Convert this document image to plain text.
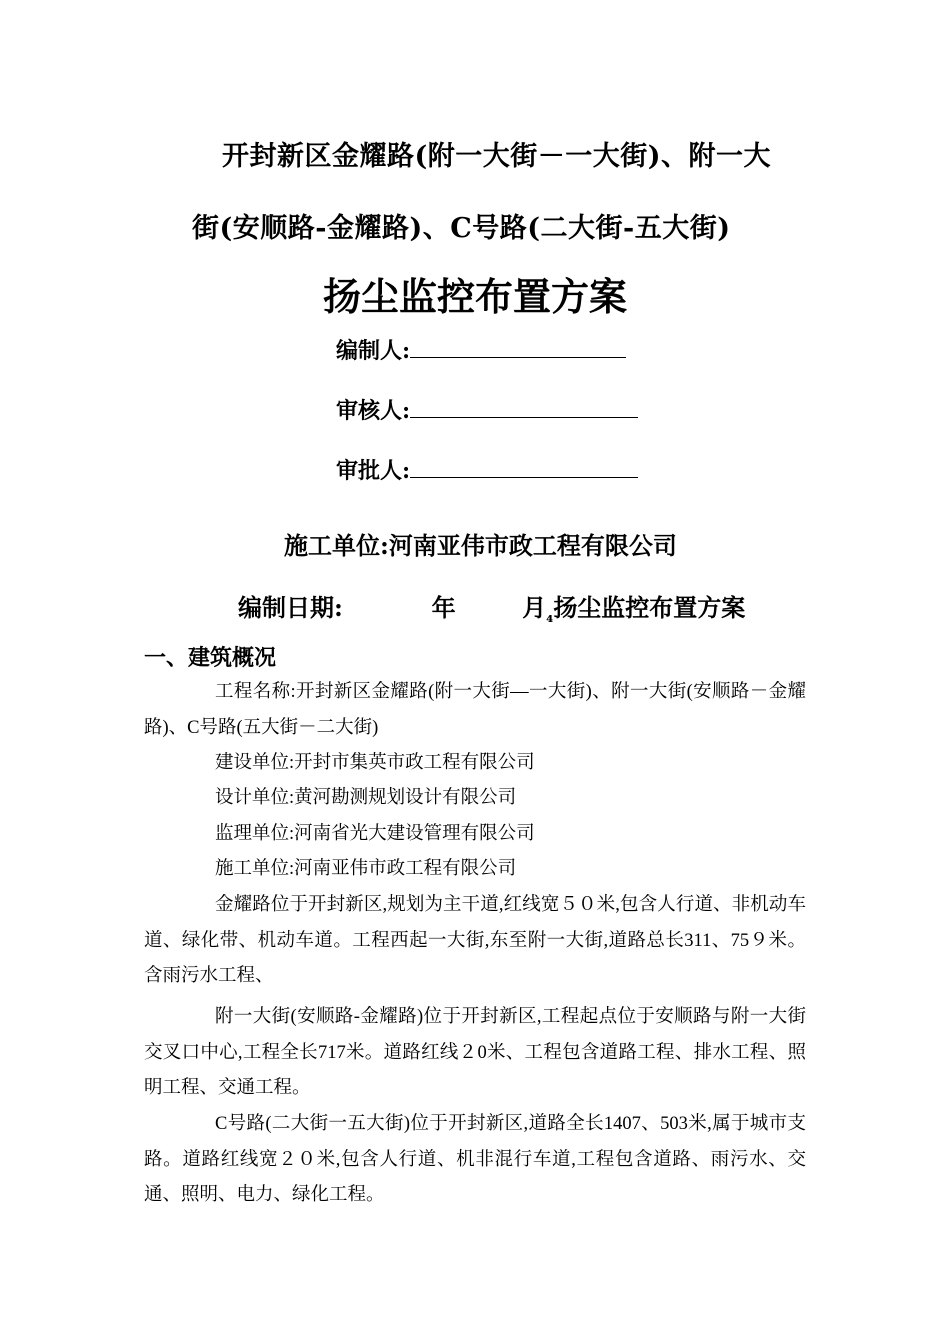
开封新区金耀路(附一大街－一大街)、附一大
街(安顺路-金耀路)、C号路(二大街-五大街)
扬尘监控布置方案
编制人:
审核人:
审批人:
施工单位:河南亚伟市政工程有限公司
编制日期:	年	月$_{_4}$扬尘监控布置方案
一、建筑概况
工程名称:开封新区金耀路(附一大街—一大街)、附一大街(安顺路－金耀路)、C号路(五大街－二大街)
建设单位:开封市集英市政工程有限公司
设计单位:黄河勘测规划设计有限公司
监理单位:河南省光大建设管理有限公司
施工单位:河南亚伟市政工程有限公司
金耀路位于开封新区,规划为主干道,红线宽５０米,包含人行道、非机动车道、绿化带、机动车道。工程西起一大街,东至附一大街,道路总长311、75９米。含雨污水工程、
附一大街(安顺路-金耀路)位于开封新区,工程起点位于安顺路与附一大街交叉口中心,工程全长717米。道路红线２0米、工程包含道路工程、排水工程、照明工程、交通工程。
C号路(二大街一五大街)位于开封新区,道路全长1407、503米,属于城市支路。道路红线宽２０米,包含人行道、机非混行车道,工程包含道路、雨污水、交通、照明、电力、绿化工程。
